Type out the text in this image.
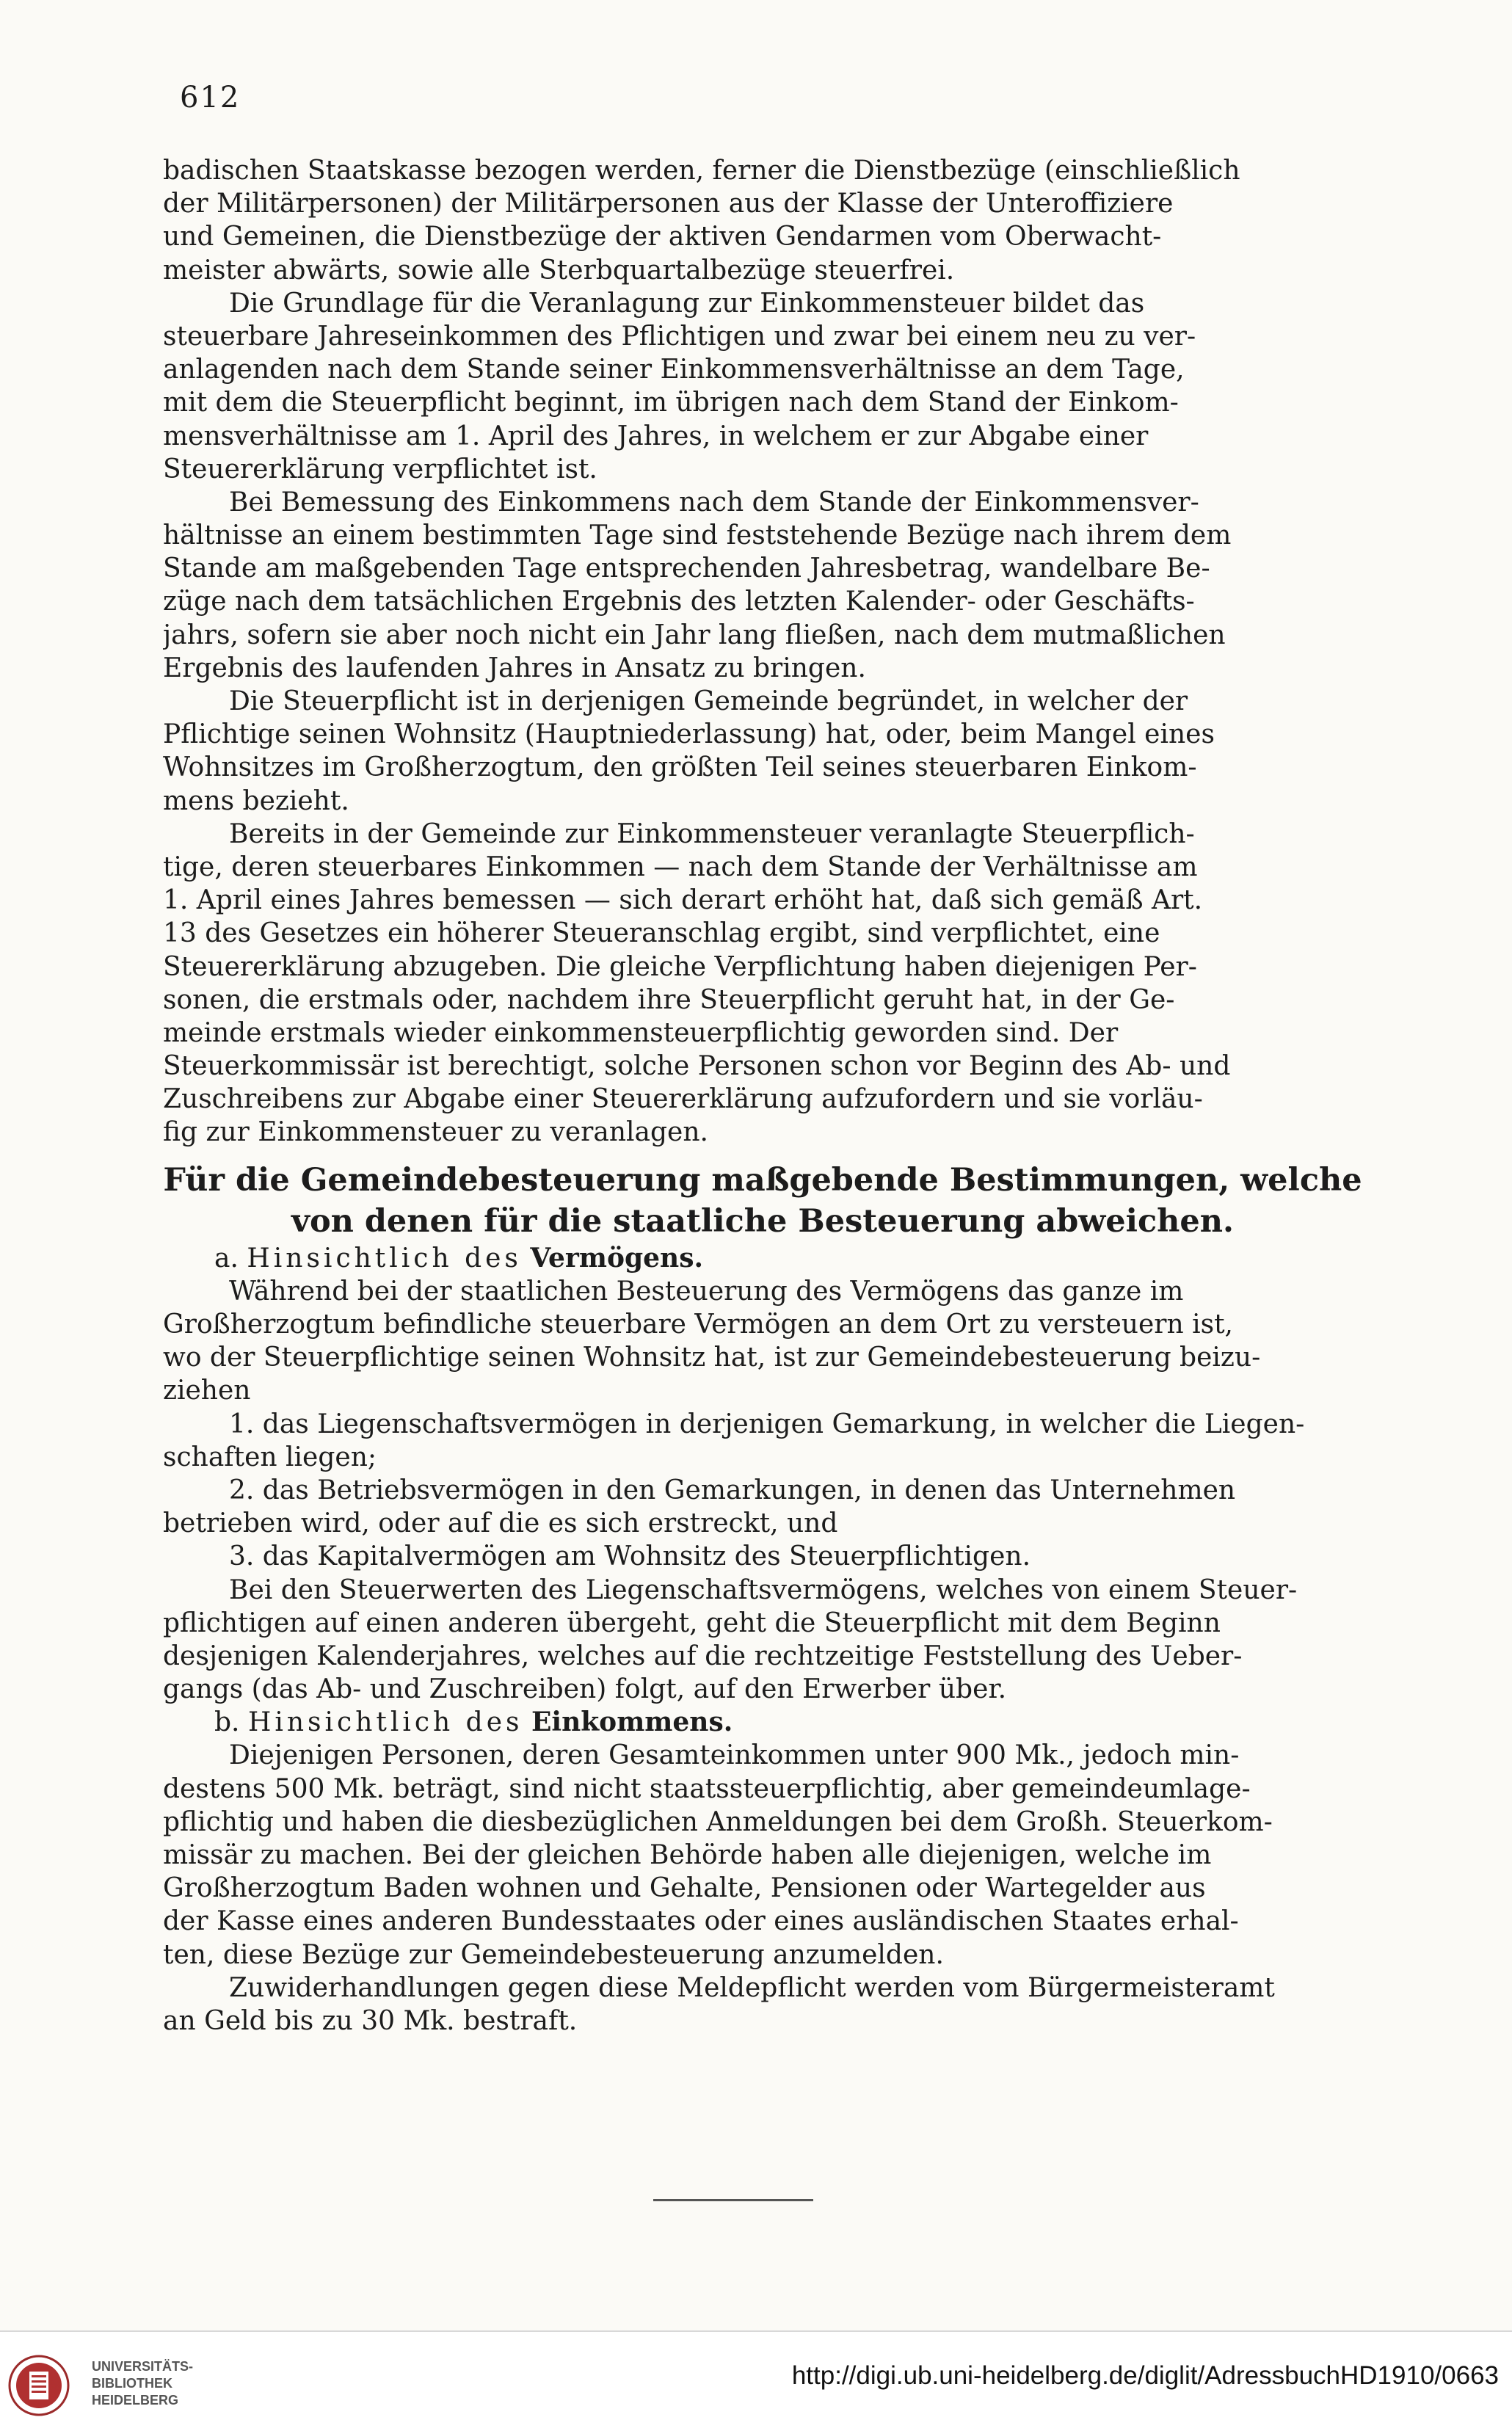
612
badischen Staatskasse bezogen werden, ferner die Dienstbezüge (einschließlich
der Militärpersonen) der Militärpersonen aus der Klasse der Unteroffiziere
und Gemeinen, die Dienstbezüge der aktiven Gendarmen vom Oberwacht-
meister abwärts, sowie alle Sterbquartalbezüge steuerfrei.
Die Grundlage für die Veranlagung zur Einkommensteuer bildet das
steuerbare Jahreseinkommen des Pflichtigen und zwar bei einem neu zu ver-
anlagenden nach dem Stande seiner Einkommensverhältnisse an dem Tage,
mit dem die Steuerpflicht beginnt, im übrigen nach dem Stand der Einkom-
mensverhältnisse am 1. April des Jahres, in welchem er zur Abgabe einer
Steuererklärung verpflichtet ist.
Bei Bemessung des Einkommens nach dem Stande der Einkommensver-
hältnisse an einem bestimmten Tage sind feststehende Bezüge nach ihrem dem
Stande am maßgebenden Tage entsprechenden Jahresbetrag, wandelbare Be-
züge nach dem tatsächlichen Ergebnis des letzten Kalender- oder Geschäfts-
jahrs, sofern sie aber noch nicht ein Jahr lang fließen, nach dem mutmaßlichen
Ergebnis des laufenden Jahres in Ansatz zu bringen.
Die Steuerpflicht ist in derjenigen Gemeinde begründet, in welcher der
Pflichtige seinen Wohnsitz (Hauptniederlassung) hat, oder, beim Mangel eines
Wohnsitzes im Großherzogtum, den größten Teil seines steuerbaren Einkom-
mens bezieht.
Bereits in der Gemeinde zur Einkommensteuer veranlagte Steuerpflich-
tige, deren steuerbares Einkommen — nach dem Stande der Verhältnisse am
1. April eines Jahres bemessen — sich derart erhöht hat, daß sich gemäß Art.
13 des Gesetzes ein höherer Steueranschlag ergibt, sind verpflichtet, eine
Steuererklärung abzugeben. Die gleiche Verpflichtung haben diejenigen Per-
sonen, die erstmals oder, nachdem ihre Steuerpflicht geruht hat, in der Ge-
meinde erstmals wieder einkommensteuerpflichtig geworden sind. Der
Steuerkommissär ist berechtigt, solche Personen schon vor Beginn des Ab- und
Zuschreibens zur Abgabe einer Steuererklärung aufzufordern und sie vorläu-
fig zur Einkommensteuer zu veranlagen.
Für die Gemeindebesteuerung maßgebende Bestimmungen, welche
von denen für die staatliche Besteuerung abweichen.
a. Hinsichtlich des Vermögens.
Während bei der staatlichen Besteuerung des Vermögens das ganze im
Großherzogtum befindliche steuerbare Vermögen an dem Ort zu versteuern ist,
wo der Steuerpflichtige seinen Wohnsitz hat, ist zur Gemeindebesteuerung beizu-
ziehen
1. das Liegenschaftsvermögen in derjenigen Gemarkung, in welcher die Liegen-
schaften liegen;
2. das Betriebsvermögen in den Gemarkungen, in denen das Unternehmen
betrieben wird, oder auf die es sich erstreckt, und
3. das Kapitalvermögen am Wohnsitz des Steuerpflichtigen.
Bei den Steuerwerten des Liegenschaftsvermögens, welches von einem Steuer-
pflichtigen auf einen anderen übergeht, geht die Steuerpflicht mit dem Beginn
desjenigen Kalenderjahres, welches auf die rechtzeitige Feststellung des Ueber-
gangs (das Ab- und Zuschreiben) folgt, auf den Erwerber über.
b. Hinsichtlich des Einkommens.
Diejenigen Personen, deren Gesamteinkommen unter 900 Mk., jedoch min-
destens 500 Mk. beträgt, sind nicht staatssteuerpflichtig, aber gemeindeumlage-
pflichtig und haben die diesbezüglichen Anmeldungen bei dem Großh. Steuerkom-
missär zu machen. Bei der gleichen Behörde haben alle diejenigen, welche im
Großherzogtum Baden wohnen und Gehalte, Pensionen oder Wartegelder aus
der Kasse eines anderen Bundesstaates oder eines ausländischen Staates erhal-
ten, diese Bezüge zur Gemeindebesteuerung anzumelden.
Zuwiderhandlungen gegen diese Meldepflicht werden vom Bürgermeisteramt
an Geld bis zu 30 Mk. bestraft.
UNIVERSITÄTS-
BIBLIOTHEK
HEIDELBERG
http://digi.ub.uni-heidelberg.de/diglit/AdressbuchHD1910/0663
